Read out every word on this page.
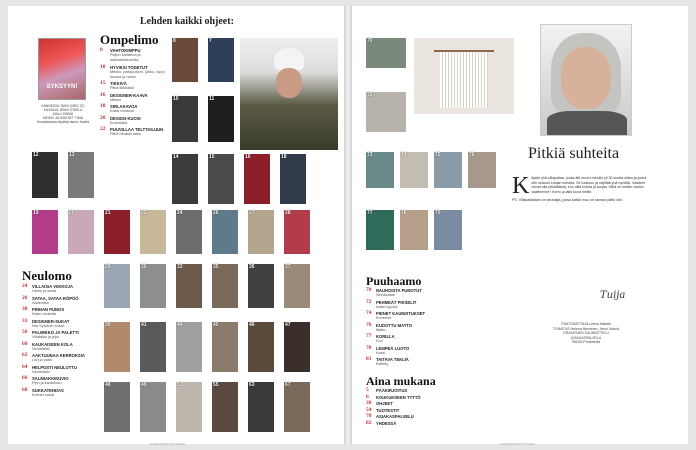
Lehden kaikki ohjeet:
SYKSYYN!
KANNESSA TAKKI (NRO 22)
KUVAAJA JENNI JOKELA
MALLI EMMA
MEIKKI JA HIUKSET TIINA
Kuvauksessa käytetyt lanka: Novita
Ompelimo
8	VAHTOKIMPPU
Paljon Mallistoa ja salmiakkikuvioita
10	HYVIKSI TODETUT
Mekko, paitapusero, jakku, toppi, housut ja hame
15	TIKKIVÄ
Pitkä tikkitakki
16	DESIGNER-KAAVA
Mekko
18	SIRLAKAVOA
Kaksi mekkoa
20	DESIGN-KUOSI
Kuviotakki
22	PUUVILLAA TELTTAILUUN
Pitkä hihaton takki
Neulomo
24	VILLAISIA VIIKKOJA
Hame ja sukat
26	SATAA, SATAA RÖPÖÖ
Sadeviitta
30	PINNAN PUNOS
Kaksi neuletta
33	DESIGNER-SUKAT
Mia Sylvänin sukat
56	PALMIKKO JA PALETTI
Villatakki ja pipo
60	KAUKAISEEN KOLA
Neuletakki
62	AAKTUUNAA KERROKSIA
Liivi ja paita
64	HELPOSTI NEULOTTU
Neuletakki
66	SALMIAKKIKUVIO
Pipo ja kaulahuivi
68	SUKKATEHDAS
Kolmet sukat
8	7
10	11
12	13	14	15	16	18
19	20	21	22	24	26	27	28
29	30	33	35	36	37
39	41	44	45	46	47
48	49	51	55	63	67
70
72
73	74	75	76
77	78	79
Puuhaamo
70	NAUHOISTA PUNOTUT
Seinävaate
72	PEHMEÄT PIKSELIT
Kaksi tyynyä
74	PIENET KAUNISTUKSET
Koristeet
76	KUDOTTU MATTO
Matto
77	KORILLA
Kori
78	LEMPEÄ LUOTO
Kassi
81	TAITAVA TEKIJÄ
Esittely
Aina mukana
5	PÄÄKIRJOITUS
6	KOUKUKSEEN TYTTÖ
38	OHJEET
54	TUOTESTIT
78	ASIAKASPALVELU
82	YHDESSÄ
Pitkiä suhteita
K äytän yhä villapaitaa, jonka äiti neuloi minulle yli 30 vuotta sitten ja jonka olin ostanut Lahjan lomalta. Se tuoksuu ja näyttää yhä hyvältä. Vaatteet voivat olla pitkäikäisiä, kun niitä hoitaa ja korjaa. Mikä on teidän vanhin vaatteenne? Kerro ja laita kuva meille.
PS. Villapaidallani on seuraaja, jossa kaikki muu on samaa paitsi väri.
Tuija
PÄÄTOIMITTAJA Leena Hakala
TOIMITUS Helena Nieminen, Jenni Jokela
GRAAFINEN SUUNNITTELU
ASIAKASPALVELU
PAINO Printmedia
SUURI KÄSITYÖ 10/2022	SUURI KÄSITYÖ 10/2022
